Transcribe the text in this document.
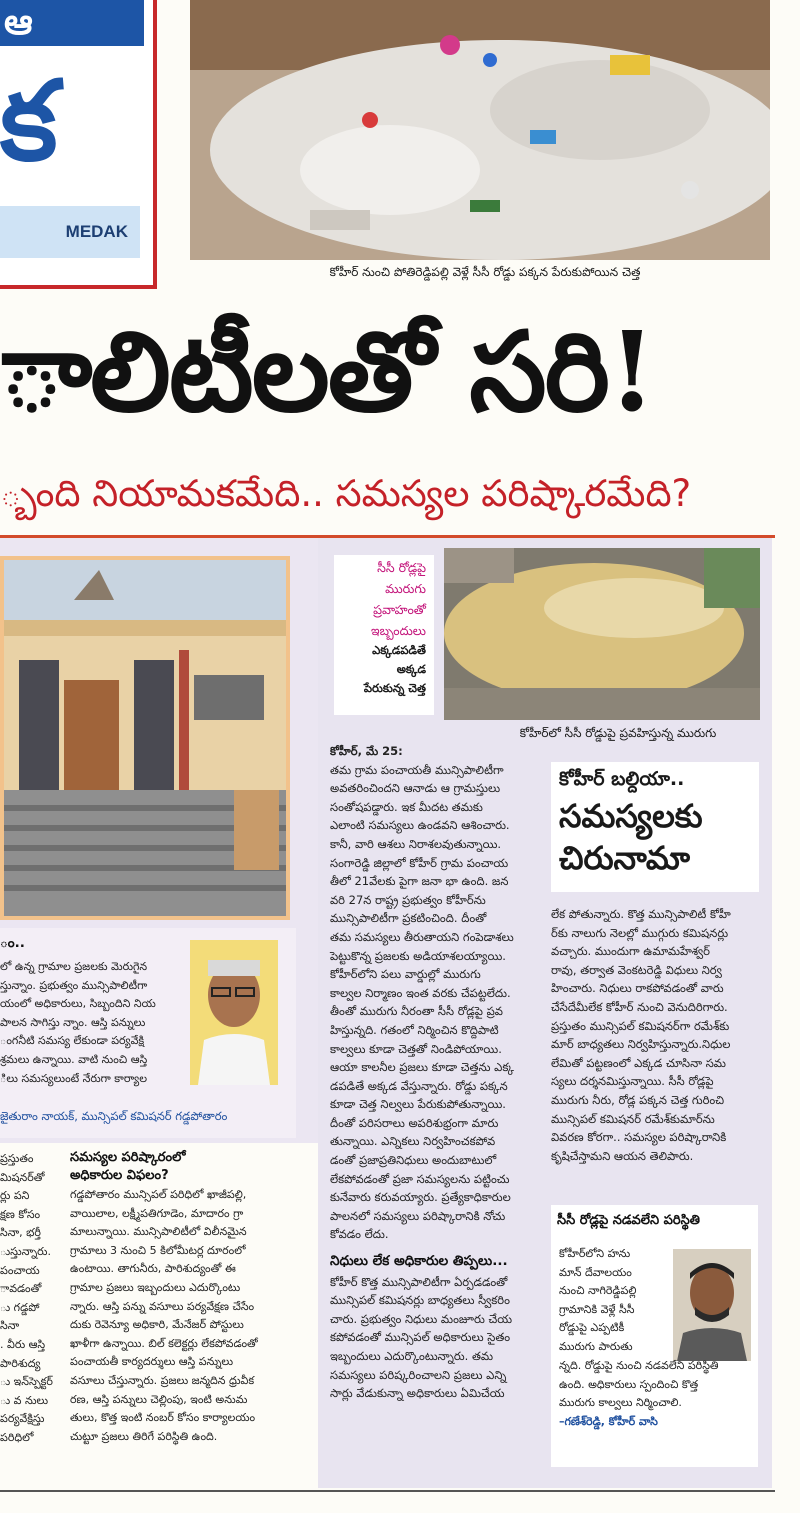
ఆ
క
MEDAK
కోహీర్ నుంచి పోతిరెడ్డిపల్లి వెళ్లే సీసీ రోడ్డు పక్కన పేరుకుపోయిన చెత్త
ాలిటీలతో సరి!
్బంది నియామకమేది.. సమస్యల పరిష్కారమేది?
ం..
లో ఉన్న గ్రామాల ప్రజలకు మెరుగైన
స్తున్నాం. ప్రభుత్వం మున్సిపాలిటీగా
యంలో అధికారులు, సిబ్బందిని నియ
పాలన సాగిస్తు న్నాం. ఆస్తి పన్నులు
ంగనీటి సమస్య లేకుండా పర్యవేక్షి
శ్రమలు ఉన్నాయి. వాటి నుంచి ఆస్తి
ిలు సమస్యలుంటే నేరుగా కార్యాల
జైతురాం నాయక్, మున్సిపల్ కమిషనర్ గడ్డపోతారం
ప్రస్తుతం
మిషనర్‌తో
ర్లు పని
క్షణ కోసం
సినా, భర్తీ
ుస్తున్నారు.
పంచాయ
ావడంతో
ు గడ్డపో
సినా
. వీరు ఆస్తి
పారిశుద్య
ు ఇన్‌స్పెక్టర్
ు వ నులు
పర్యవేక్షిస్తు
పరిధిలో
సమస్యల పరిష్కారంలో
అధికారుల విఫలం?
గడ్డపోతారం మున్సిపల్ పరిధిలో ఖాజీపల్లి,
వాయిలాల, లక్ష్మీపతిగూడెం, మాదారం గ్రా
మాలున్నాయి. మున్సిపాలిటీలో విలీనమైన
గ్రామాలు 3 నుంచి 5 కిలోమీటర్ల దూరంలో
ఉంటాయి. తాగునీరు, పారిశుద్యంతో ఈ
గ్రామాల ప్రజలు ఇబ్బందులు ఎదుర్కొంటు
న్నారు. ఆస్తి పన్ను వసూలు పర్యవేక్షణ చేసేం
దుకు రెవెన్యూ అధికారి, మేనేజర్ పోస్టులు
ఖాళీగా ఉన్నాయి. బిల్ కలెక్టర్లు లేకపోవడంతో
పంచాయతీ కార్యదర్శులు ఆస్తి పన్నులు
వసూలు చేస్తున్నారు. ప్రజలు జన్మదిన ధ్రువీక
రణ, ఆస్తి పన్నులు చెల్లింపు, ఇంటి అనుమ
తులు, కొత్త ఇంటి నంబర్ కోసం కార్యాలయం
చుట్టూ ప్రజలు తిరిగే పరిస్థితి ఉంది.
సీసీ రోడ్లపై
మురుగు
ప్రవాహంతో
ఇబ్బందులు
ఎక్కడపడితే
అక్కడ
పేరుకున్న చెత్త
కోహీర్‌లో సీసీ రోడ్డుపై ప్రవహిస్తున్న మురుగు
కోహీర్ బల్దియా..
సమస్యలకు
చిరునామా
కోహీర్, మే 25:
తమ గ్రామ పంచాయతీ మున్సిపాలిటీగా
అవతరించిందని ఆనాడు ఆ గ్రామస్తులు
సంతోషపడ్డారు. ఇక మీదట తమకు
ఎలాంటి సమస్యలు ఉండవని ఆశించారు.
కానీ, వారి ఆశలు నిరాశలవుతున్నాయి.
సంగారెడ్డి జిల్లాలో కోహీర్ గ్రామ పంచాయ
తీలో 21వేలకు పైగా జనా భా ఉంది. జన
వరి 27న రాష్ట్ర ప్రభుత్వం కోహీర్‌ను
మున్సిపాలిటీగా ప్రకటించింది. దీంతో
తమ సమస్యలు తీరుతాయని గంపెడాశలు
పెట్టుకొన్న ప్రజలకు అడియాశలయ్యాయి.
కోహీర్‌లోని పలు వార్డుల్లో మురుగు
కాల్వల నిర్మాణం ఇంత వరకు చేపట్టలేదు.
తీంతో మురుగు నీరంతా సీసీ రోడ్లపై ప్రవ
హిస్తున్నది. గతంలో నిర్మించిన కొద్దిపాటి
కాల్వలు కూడా చెత్తతో నిండిపోయాయి.
ఆయా కాలనీల ప్రజలు కూడా చెత్తను ఎక్క
డపడితే అక్కడ వేస్తున్నారు. రోడ్డు పక్కన
కూడా చెత్త నిల్వలు పేరుకుపోతున్నాయి.
దీంతో పరిసరాలు అపరిశుభ్రంగా మారు
తున్నాయి. ఎన్నికలు నిర్వహించకపోవ
డంతో ప్రజాప్రతినిధులు అందుబాటులో
లేకపోవడంతో ప్రజా సమస్యలను పట్టించు
కునేవారు కరువయ్యారు. ప్రత్యేకాధికారుల
పాలనలో సమస్యలు పరిష్కారానికి నోచు
కోవడం లేదు.
నిధులు లేక అధికారుల తిప్పలు...
కోహీర్ కొత్త మున్సిపాలిటీగా ఏర్పడడంతో
మున్సిపల్ కమిషనర్లు బాధ్యతలు స్వీకరిం
చారు. ప్రభుత్వం నిధులు మంజూరు చేయ
కపోవడంతో మున్సిపల్ అధికారులు సైతం
ఇబ్బందులు ఎదుర్కొంటున్నారు. తమ
సమస్యలు పరిష్కరించాలని ప్రజలు ఎన్ని
సార్లు వేడుకున్నా అధికారులు ఏమిచేయ
లేక పోతున్నారు. కొత్త మున్సిపాలిటీ కోహీ
ర్‌కు నాలుగు నెలల్లో ముగ్గురు కమిషనర్లు
వచ్చారు. ముందుగా ఉమామహేశ్వర్
రావు, తర్వాత వెంకటరెడ్డి విధులు నిర్వ
హించారు. నిధులు రాకపోవడంతో వారు
చేసేదేమీలేక కోహీర్ నుంచి వెనుదిరిగారు.
ప్రస్తుతం మున్సిపల్ కమిషనర్‌గా రమేశ్‌కు
మార్ బాధ్యతలు నిర్వహిస్తున్నారు.నిధుల
లేమితో పట్టణంలో ఎక్కడ చూసినా సమ
స్యలు దర్శనమిస్తున్నాయి. సీసీ రోడ్లపై
మురుగు నీరు, రోడ్ల పక్కన చెత్త గురించి
మున్సిపల్ కమిషనర్ రమేశ్‌కుమార్‌ను
వివరణ కోరగా.. సమస్యల పరిష్కారానికి
కృషిచేస్తామని ఆయన తెలిపారు.
సీసీ రోడ్లపై నడవలేని పరిస్థితి
కోహీర్‌లోని హను
మాన్ దేవాలయం
నుంచి నాగిరెడ్డిపల్లి
గ్రామానికి వెళ్లే సీసీ
రోడ్డుపై ఎప్పటికీ
మురుగు పారుతు
న్నది. రోడ్డుపై నుంచి నడవలేని పరిస్థితి
ఉంది. అధికారులు స్పందించి కొత్త
మురుగు కాల్వలు నిర్మించాలి.
–గణేశ్‌రెడ్డి, కోహీర్ వాసి
